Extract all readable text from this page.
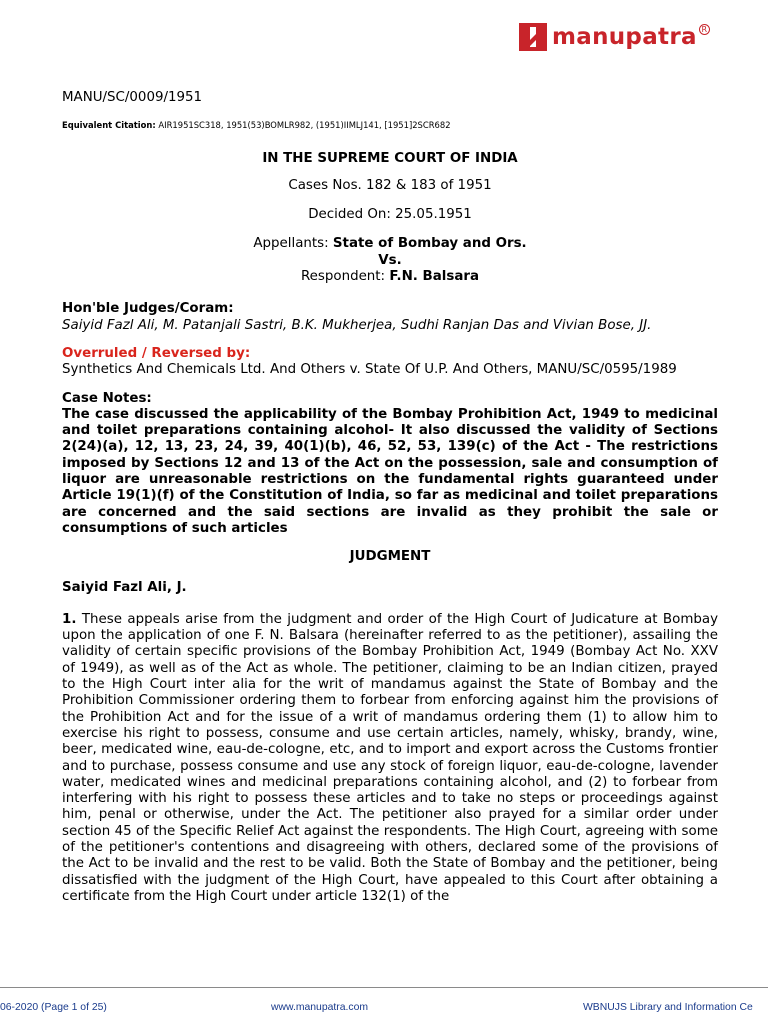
manupatra R
MANU/SC/0009/1951
Equivalent Citation: AIR1951SC318, 1951(53)BOMLR982, (1951)IIMLJ141, [1951]2SCR682
IN THE SUPREME COURT OF INDIA
Cases Nos. 182 & 183 of 1951
Decided On: 25.05.1951
Appellants: State of Bombay and Ors.
Vs.
Respondent: F.N. Balsara
Hon'ble Judges/Coram:
Saiyid Fazl Ali, M. Patanjali Sastri, B.K. Mukherjea, Sudhi Ranjan Das and Vivian Bose, JJ.
Overruled / Reversed by:
Synthetics And Chemicals Ltd. And Others v. State Of U.P. And Others, MANU/SC/0595/1989
Case Notes:
The case discussed the applicability of the Bombay Prohibition Act, 1949 to medicinal and toilet preparations containing alcohol- It also discussed the validity of Sections 2(24)(a), 12, 13, 23, 24, 39, 40(1)(b), 46, 52, 53, 139(c) of the Act - The restrictions imposed by Sections 12 and 13 of the Act on the possession, sale and consumption of liquor are unreasonable restrictions on the fundamental rights guaranteed under Article 19(1)(f) of the Constitution of India, so far as medicinal and toilet preparations are concerned and the said sections are invalid as they prohibit the sale or consumptions of such articles
JUDGMENT
Saiyid Fazl Ali, J.
1. These appeals arise from the judgment and order of the High Court of Judicature at Bombay upon the application of one F. N. Balsara (hereinafter referred to as the petitioner), assailing the validity of certain specific provisions of the Bombay Prohibition Act, 1949 (Bombay Act No. XXV of 1949), as well as of the Act as whole. The petitioner, claiming to be an Indian citizen, prayed to the High Court inter alia for the writ of mandamus against the State of Bombay and the Prohibition Commissioner ordering them to forbear from enforcing against him the provisions of the Prohibition Act and for the issue of a writ of mandamus ordering them (1) to allow him to exercise his right to possess, consume and use certain articles, namely, whisky, brandy, wine, beer, medicated wine, eau-de-cologne, etc, and to import and export across the Customs frontier and to purchase, possess consume and use any stock of foreign liquor, eau-de-cologne, lavender water, medicated wines and medicinal preparations containing alcohol, and (2) to forbear from interfering with his right to possess these articles and to take no steps or proceedings against him, penal or otherwise, under the Act. The petitioner also prayed for a similar order under section 45 of the Specific Relief Act against the respondents. The High Court, agreeing with some of the petitioner's contentions and disagreeing with others, declared some of the provisions of the Act to be invalid and the rest to be valid. Both the State of Bombay and the petitioner, being dissatisfied with the judgment of the High Court, have appealed to this Court after obtaining a certificate from the High Court under article 132(1) of the
06-2020 (Page 1 of 25)	www.manupatra.com	WBNUJS Library and Information Ce
